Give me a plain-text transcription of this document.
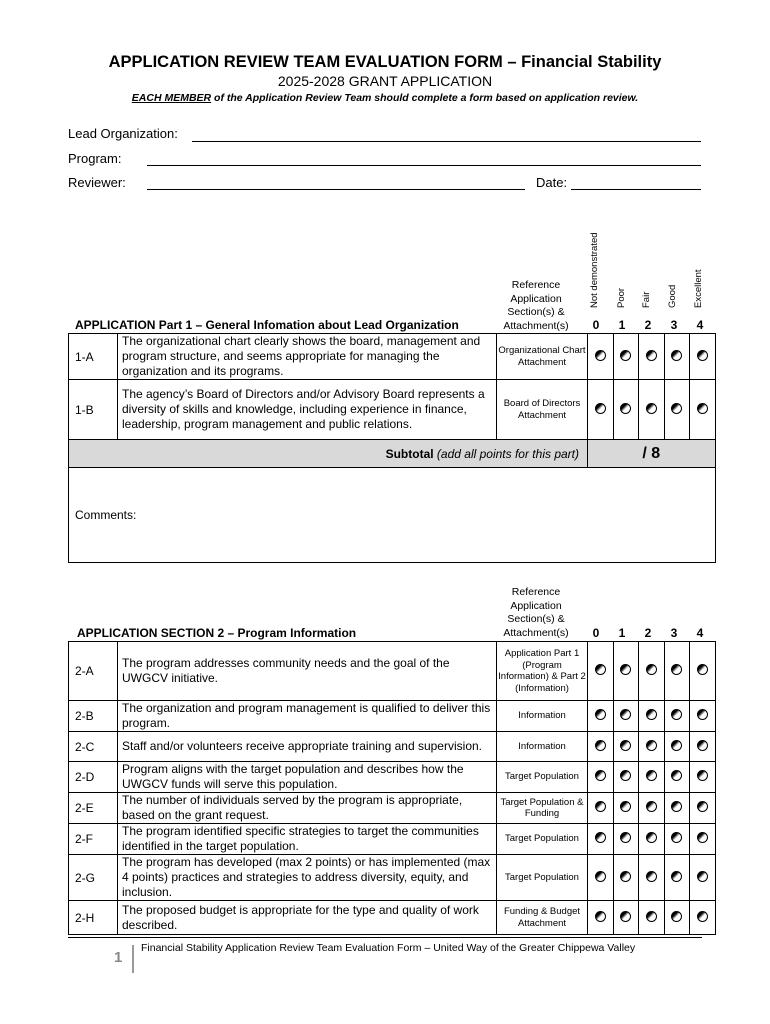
APPLICATION REVIEW TEAM EVALUATION FORM – Financial Stability
2025-2028 GRANT APPLICATION
EACH MEMBER of the Application Review Team should complete a form based on application review.
Lead Organization:
Program:
Reviewer:	Date:
Reference Application Section(s) & Attachment(s)
Not demonstrated Poor Fair Good Excellent
0	1	2	3	4
APPLICATION Part 1 – General Infomation about Lead Organization
1-A	The organizational chart clearly shows the board, management and program structure, and seems appropriate for managing the organization and its programs.	Organizational Chart Attachment					
1-B	The agency’s Board of Directors and/or Advisory Board represents a diversity of skills and knowledge, including experience in finance, leadership, program management and public relations.	Board of Directors Attachment					
Subtotal (add all points for this part)			/ 8				
Comments:							
Reference Application Section(s) & Attachment(s)	0	1	2	3	4
APPLICATION SECTION 2 – Program Information
2-A	The program addresses community needs and the goal of the UWGCV initiative.	Application Part 1 (Program Information) & Part 2 (Information)					
2-B	The organization and program management is qualified to deliver this program.	Information					
2-C	Staff and/or volunteers receive appropriate training and supervision.	Information					
2-D	Program aligns with the target population and describes how the UWGCV funds will serve this population.	Target Population					
2-E	The number of individuals served by the program is appropriate, based on the grant request.	Target Population & Funding					
2-F	The program identified specific strategies to target the communities identified in the target population.	Target Population					
2-G	The program has developed (max 2 points) or has implemented (max 4 points) practices and strategies to address diversity, equity, and inclusion.	Target Population					
2-H	The proposed budget is appropriate for the type and quality of work described.	Funding & Budget Attachment					
1
Financial Stability Application Review Team Evaluation Form – United Way of the Greater Chippewa Valley
